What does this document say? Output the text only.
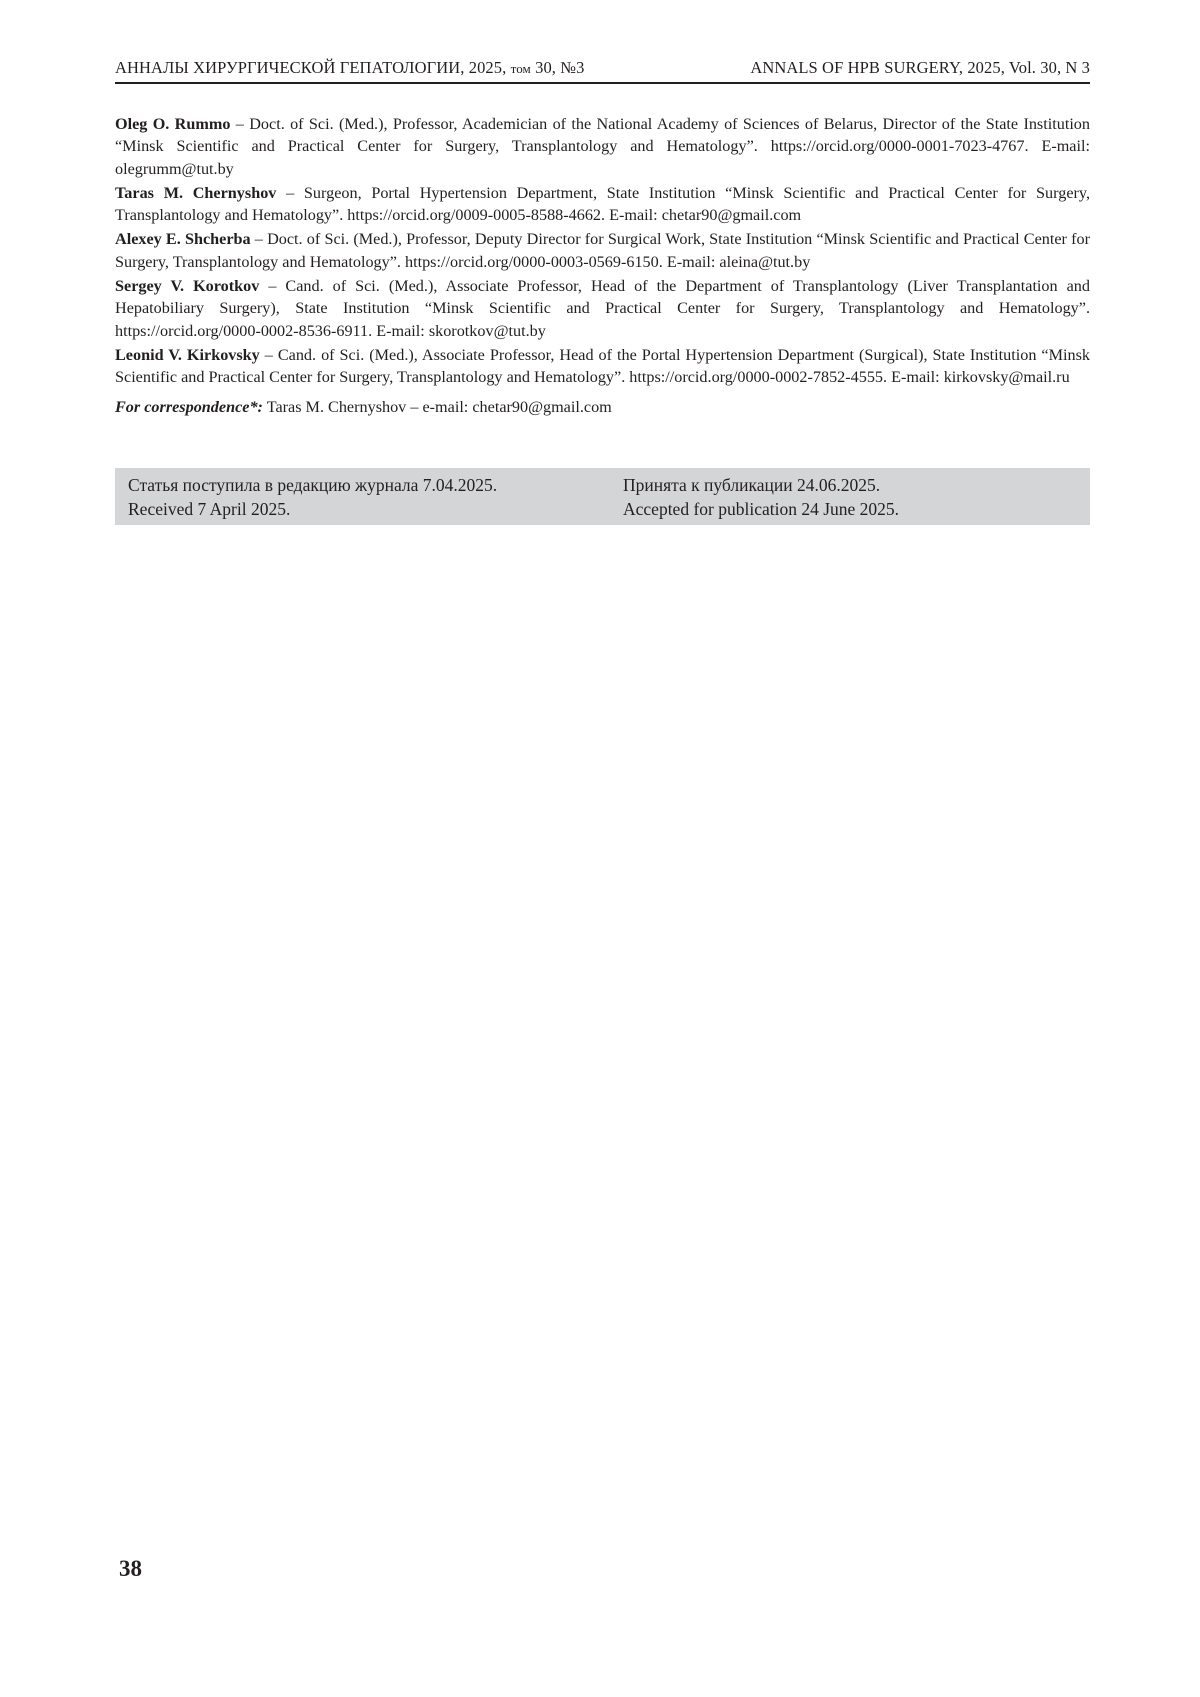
АННАЛЫ ХИРУРГИЧЕСКОЙ ГЕПАТОЛОГИИ, 2025, том 30, №3	ANNALS OF HPB SURGERY, 2025, Vol. 30, N 3

Oleg O. Rummo – Doct. of Sci. (Med.), Professor, Academician of the National Academy of Sciences of Belarus, Director of the State Institution “Minsk Scientific and Practical Center for Surgery, Transplantology and Hematology”. https://orcid.org/0000-0001-7023-4767. E-mail: olegrumm@tut.by

Taras M. Chernyshov – Surgeon, Portal Hypertension Department, State Institution “Minsk Scientific and Practical Center for Surgery, Transplantology and Hematology”. https://orcid.org/0009-0005-8588-4662. E-mail: chetar90@gmail.com

Alexey E. Shcherba – Doct. of Sci. (Med.), Professor, Deputy Director for Surgical Work, State Institution “Minsk Scientific and Practical Center for Surgery, Transplantology and Hematology”. https://orcid.org/0000-0003-0569-6150. E-mail: aleina@tut.by

Sergey V. Korotkov – Cand. of Sci. (Med.), Associate Professor, Head of the Department of Transplantology (Liver Transplantation and Hepatobiliary Surgery), State Institution “Minsk Scientific and Practical Center for Surgery, Transplantology and Hematology”. https://orcid.org/0000-0002-8536-6911. E-mail: skorotkov@tut.by

Leonid V. Kirkovsky – Cand. of Sci. (Med.), Associate Professor, Head of the Portal Hypertension Department (Surgical), State Institution “Minsk Scientific and Practical Center for Surgery, Transplantology and Hematology”. https://orcid.org/0000-0002-7852-4555. E-mail: kirkovsky@mail.ru

For correspondence*: Taras M. Chernyshov – e-mail: chetar90@gmail.com
Статья поступила в редакцию журнала 7.04.2025.	Принята к публикации 24.06.2025.
Received 7 April 2025.	Accepted for publication 24 June 2025.
38
